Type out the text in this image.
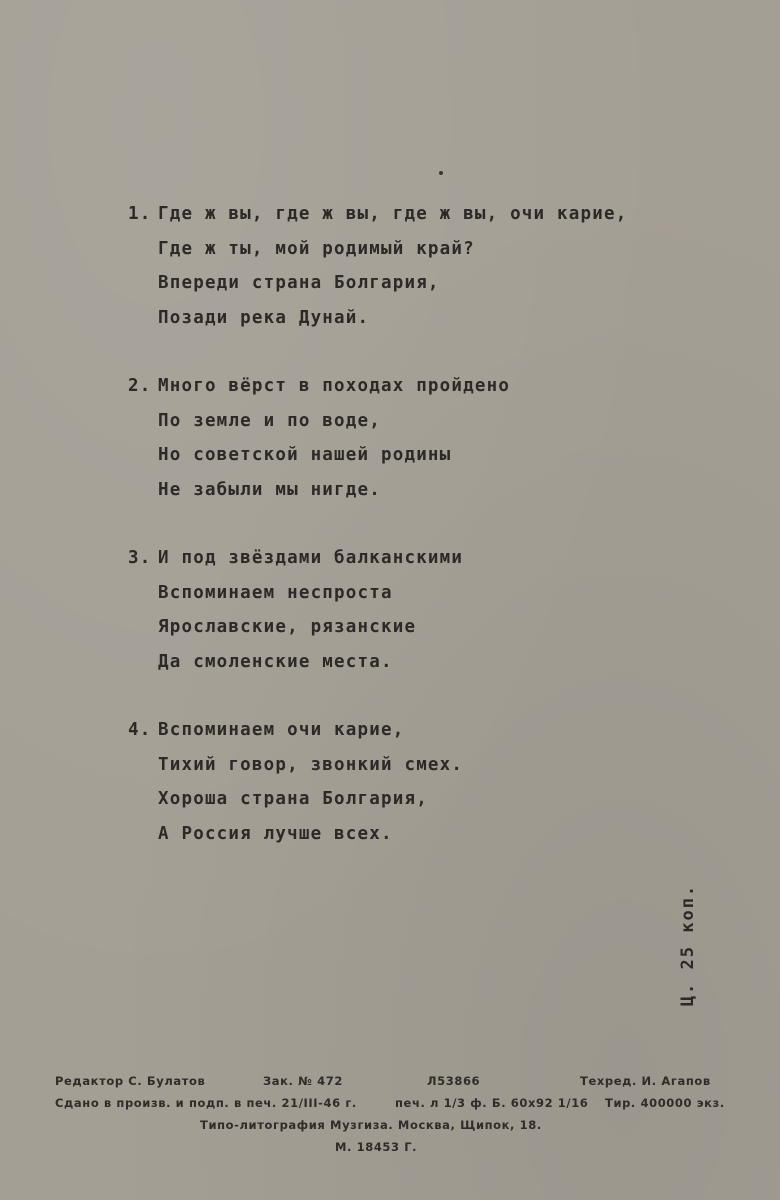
1. Где ж вы, где ж вы, где ж вы, очи карие,
Где ж ты, мой родимый край?
Впереди страна Болгария,
Позади река Дунай.
2. Много вёрст в походах пройдено
По земле и по воде,
Но советской нашей родины
Не забыли мы нигде.
3. И под звёздами балканскими
Вспоминаем неспроста
Ярославские, рязанские
Да смоленские места.
4. Вспоминаем очи карие,
Тихий говор, звонкий смех.
Хороша страна Болгария,
А Россия лучше всех.
Ц. 25 коп.
Редактор С. Булатов	Зак. № 472	Л53866	Техред. И. Агапов
Сдано в произв. и подп. в печ. 21/III-46 г.	печ. л 1/3 ф. Б. 60х92 1/16 Тир. 400000 экз.
Типо-литография Музгиза. Москва, Щипок, 18.
М. 18453 Г.
